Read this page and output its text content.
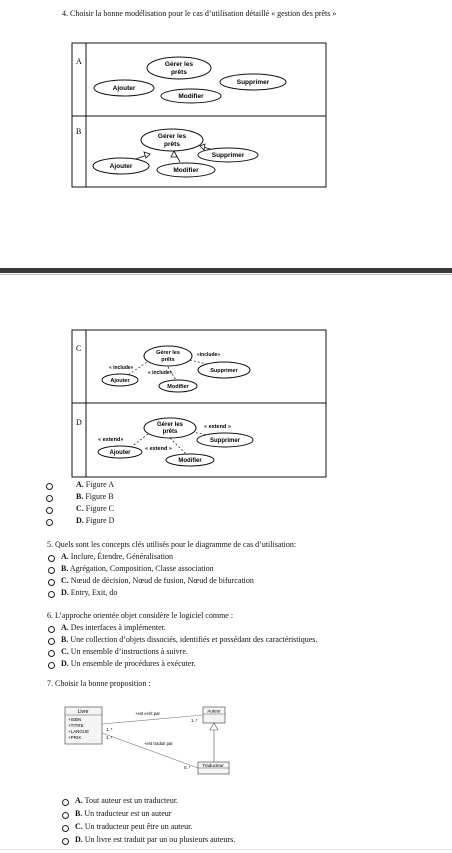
4. Choisir la bonne modélisation pour le cas d’utilisation détaillé « gestion des prêts »
A
B
Gérer les
prêts
Ajouter
Modifier
Supprimer
Gérer les
prêts
Ajouter
Modifier
Supprimer
C
D
Gérer les
prêts
Ajouter
Modifier
Supprimer
« include»
« include»
«include»
Gérer les
prêts
Ajouter
Modifier
Supprimer
« extend»
« extend »
« extend »
A. Figure A
B. Figure B
C. Figure C
D. Figure D
5. Quels sont les concepts clés utilisés pour le diagramme de cas d’utilisation:
A. Inclure, Étendre, Généralisation
B. Agrégation, Composition, Classe association
C. Nœud de décision, Nœud de fusion, Nœud de bifurcation
D. Entry, Exit, do
6. L’approche orientée objet considère le logiciel comme :
A. Des interfaces à implémenter.
B. Une collection d’objets dissociés, identifiés et possédant des caractéristiques.
C. Un ensemble d’instructions à suivre.
D. Un ensemble de procédures à exécuter.
7. Choisir la bonne proposition :
Livre
+ISBN
+TITRE
+LANGUE
+PRIX
Auteur
Traducteur
+est ecrit par
+est traduit par
1..*
1..*
1..*
0..*
A. Tout auteur est un traducteur.
B. Un traducteur est un auteur
C. Un traducteur peut être un auteur.
D. Un livre est traduit par un ou plusieurs auteurs.
